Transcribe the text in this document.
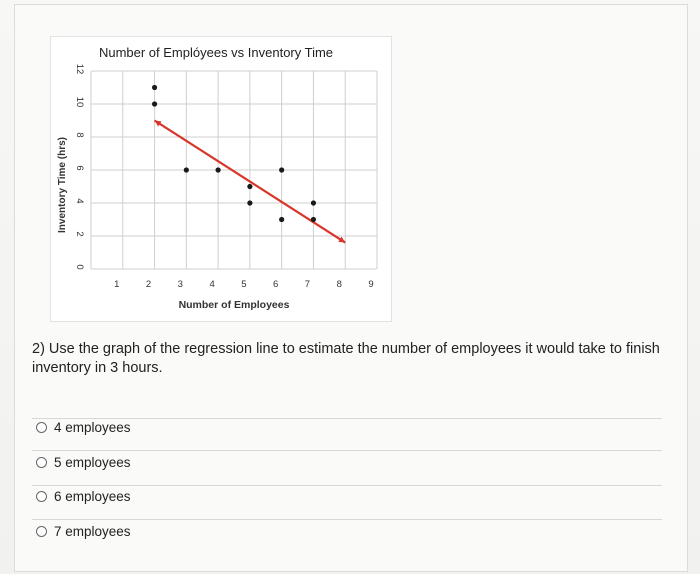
Number of Emplóyees vs Inventory Time
Inventory Time (hrs)
Number of Employees
1	2	3	4	5	6	7	8	9
0
2
4
6
8
10
12
2) Use the graph of the regression line to estimate the number of employees it would take to finish inventory in 3 hours.
4 employees
5 employees
6 employees
7 employees
